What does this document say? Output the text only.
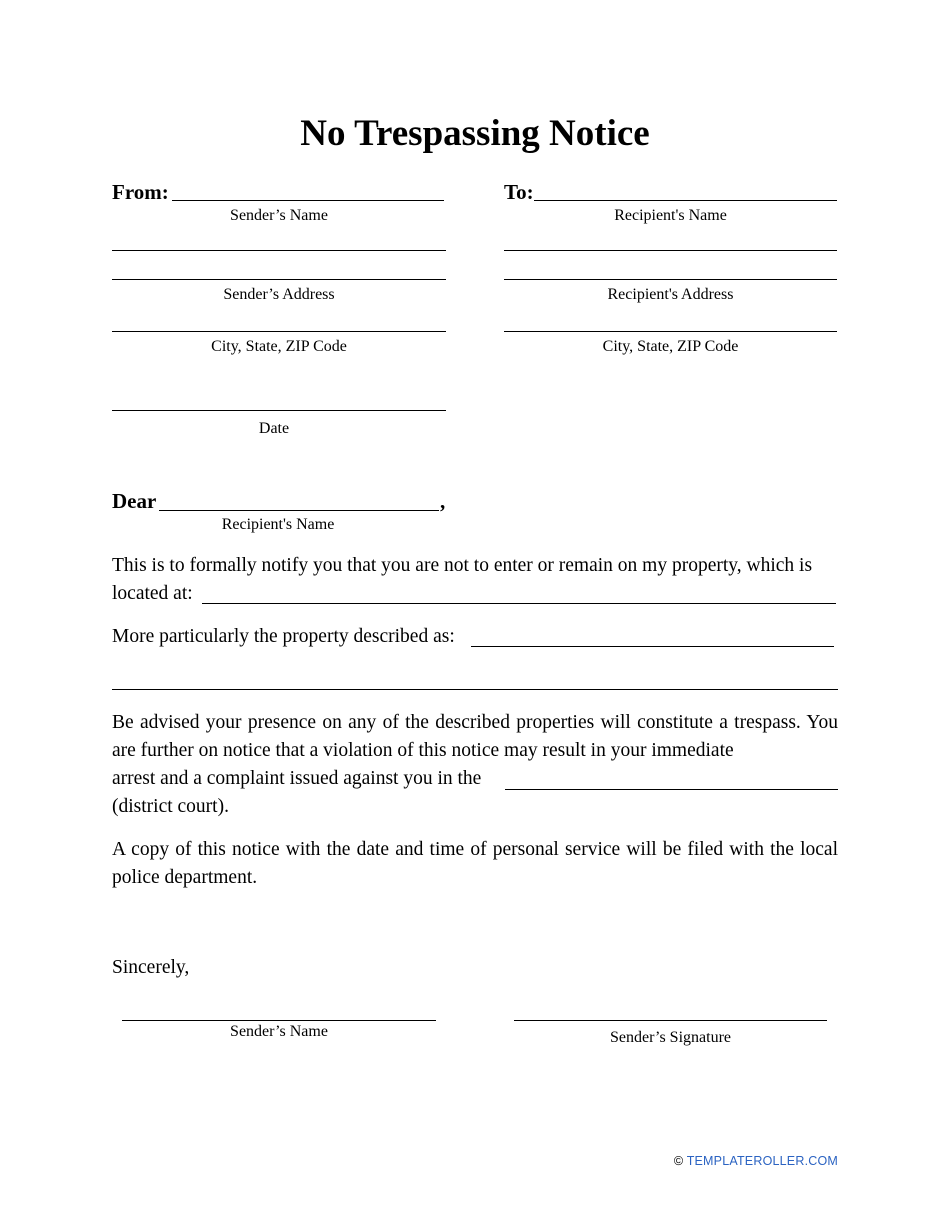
No Trespassing Notice
From:
Sender’s Name
Sender’s Address
City, State, ZIP Code
Date
To:
Recipient's Name
Recipient's Address
City, State, ZIP Code
Dear	,
Recipient's Name
This is to formally notify you that you are not to enter or remain on my property, which is
located at:
More particularly the property described as:
Be advised your presence on any of the described properties will constitute a trespass. You are further on notice that a violation of this notice may result in your immediate
arrest and a complaint issued against you in the
(district court).
A copy of this notice with the date and time of personal service will be filed with the local police department.
Sincerely,
Sender’s Name	Sender’s Signature
© TEMPLATEROLLER.COM
